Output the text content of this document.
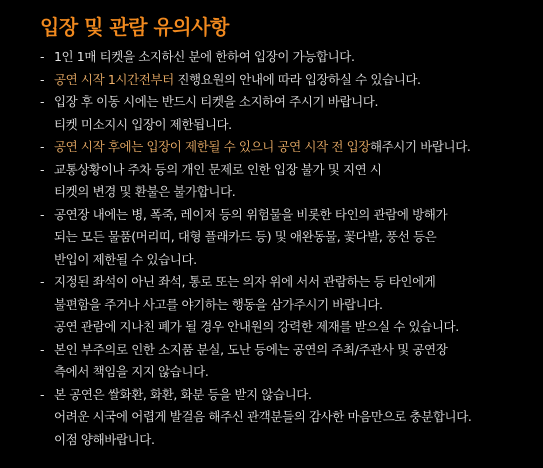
입장 및 관람 유의사항
- 1인 1매 티켓을 소지하신 분에 한하여 입장이 가능합니다.
- 공연 시작 1시간전부터 진행요원의 안내에 따라 입장하실 수 있습니다.
- 입장 후 이동 시에는 반드시 티켓을 소지하여 주시기 바랍니다.
티켓 미소지시 입장이 제한됩니다.
- 공연 시작 후에는 입장이 제한될 수 있으니 공연 시작 전 입장해주시기 바랍니다.
- 교통상황이나 주차 등의 개인 문제로 인한 입장 불가 및 지연 시
티켓의 변경 및 환불은 불가합니다.
- 공연장 내에는 병, 폭죽, 레이저 등의 위험물을 비롯한 타인의 관람에 방해가
되는 모든 물품(머리띠, 대형 플래카드 등) 및 애완동물, 꽃다발, 풍선 등은
반입이 제한될 수 있습니다.
- 지정된 좌석이 아닌 좌석, 통로 또는 의자 위에 서서 관람하는 등 타인에게
불편함을 주거나 사고를 야기하는 행동을 삼가주시기 바랍니다.
공연 관람에 지나친 폐가 될 경우 안내원의 강력한 제재를 받으실 수 있습니다.
- 본인 부주의로 인한 소지품 분실, 도난 등에는 공연의 주최/주관사 및 공연장
측에서 책임을 지지 않습니다.
- 본 공연은 쌀화환, 화환, 화분 등을 받지 않습니다.
어려운 시국에 어렵게 발걸음 해주신 관객분들의 감사한 마음만으로 충분합니다.
이점 양해바랍니다.
